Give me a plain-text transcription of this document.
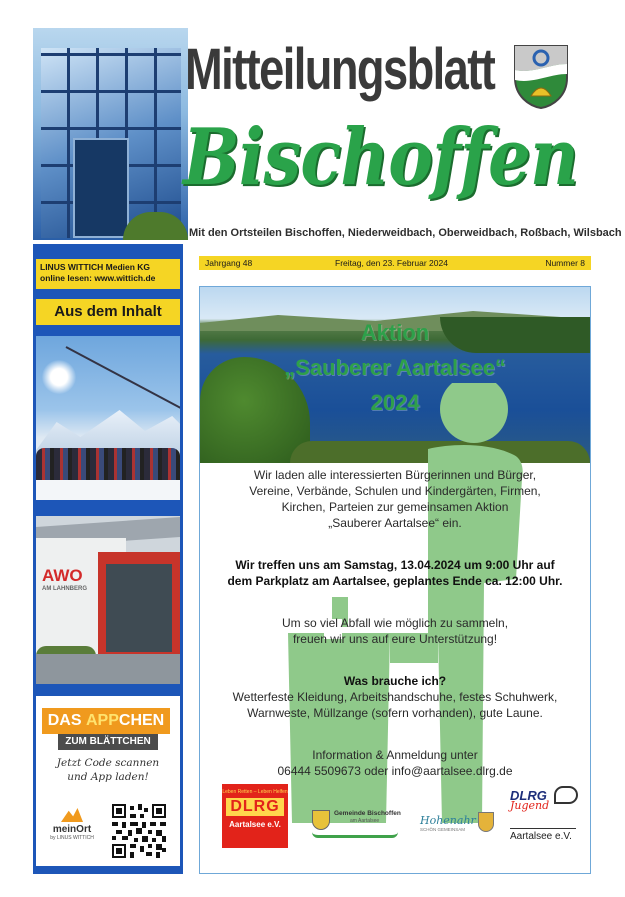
Mitteilungsblatt
Bischoffen
Mit den Ortsteilen Bischoffen, Niederweidbach, Oberweidbach, Roßbach, Wilsbach
LINUS WITTICH Medien KG
online lesen: www.wittich.de
Aus dem Inhalt
AWO
AM LAHNBERG
DAS APPCHEN
ZUM BLÄTTCHEN
Jetzt Code scannen
und App laden!
meinOrt
by LINUS WITTICH
Jahrgang 48	Freitag, den 23. Februar 2024	Nummer 8
Aktion
„Sauberer Aartalsee“
2024
Wir laden alle interessierten Bürgerinnen und Bürger,
Vereine, Verbände, Schulen und Kindergärten, Firmen,
Kirchen, Parteien zur gemeinsamen Aktion
„Sauberer Aartalsee“ ein.
Wir treffen uns am Samstag, 13.04.2024 um 9:00 Uhr auf
dem Parkplatz am Aartalsee, geplantes Ende ca. 12:00 Uhr.
Um so viel Abfall wie möglich zu sammeln,
freuen wir uns auf eure Unterstützung!
Was brauche ich?
Wetterfeste Kleidung, Arbeitshandschuhe, festes Schuhwerk,
Warnweste, Müllzange (sofern vorhanden), gute Laune.
Information & Anmeldung unter
06444 5509673 oder info@aartalsee.dlrg.de
Leben Retten – Leben Helfen
DLRG
Aartalsee e.V.
Gemeinde Bischoffen
am Aartalsee	Hohenahr
SCHÖN GEMEINSAM
DLRG
Jugend
Aartalsee e.V.
